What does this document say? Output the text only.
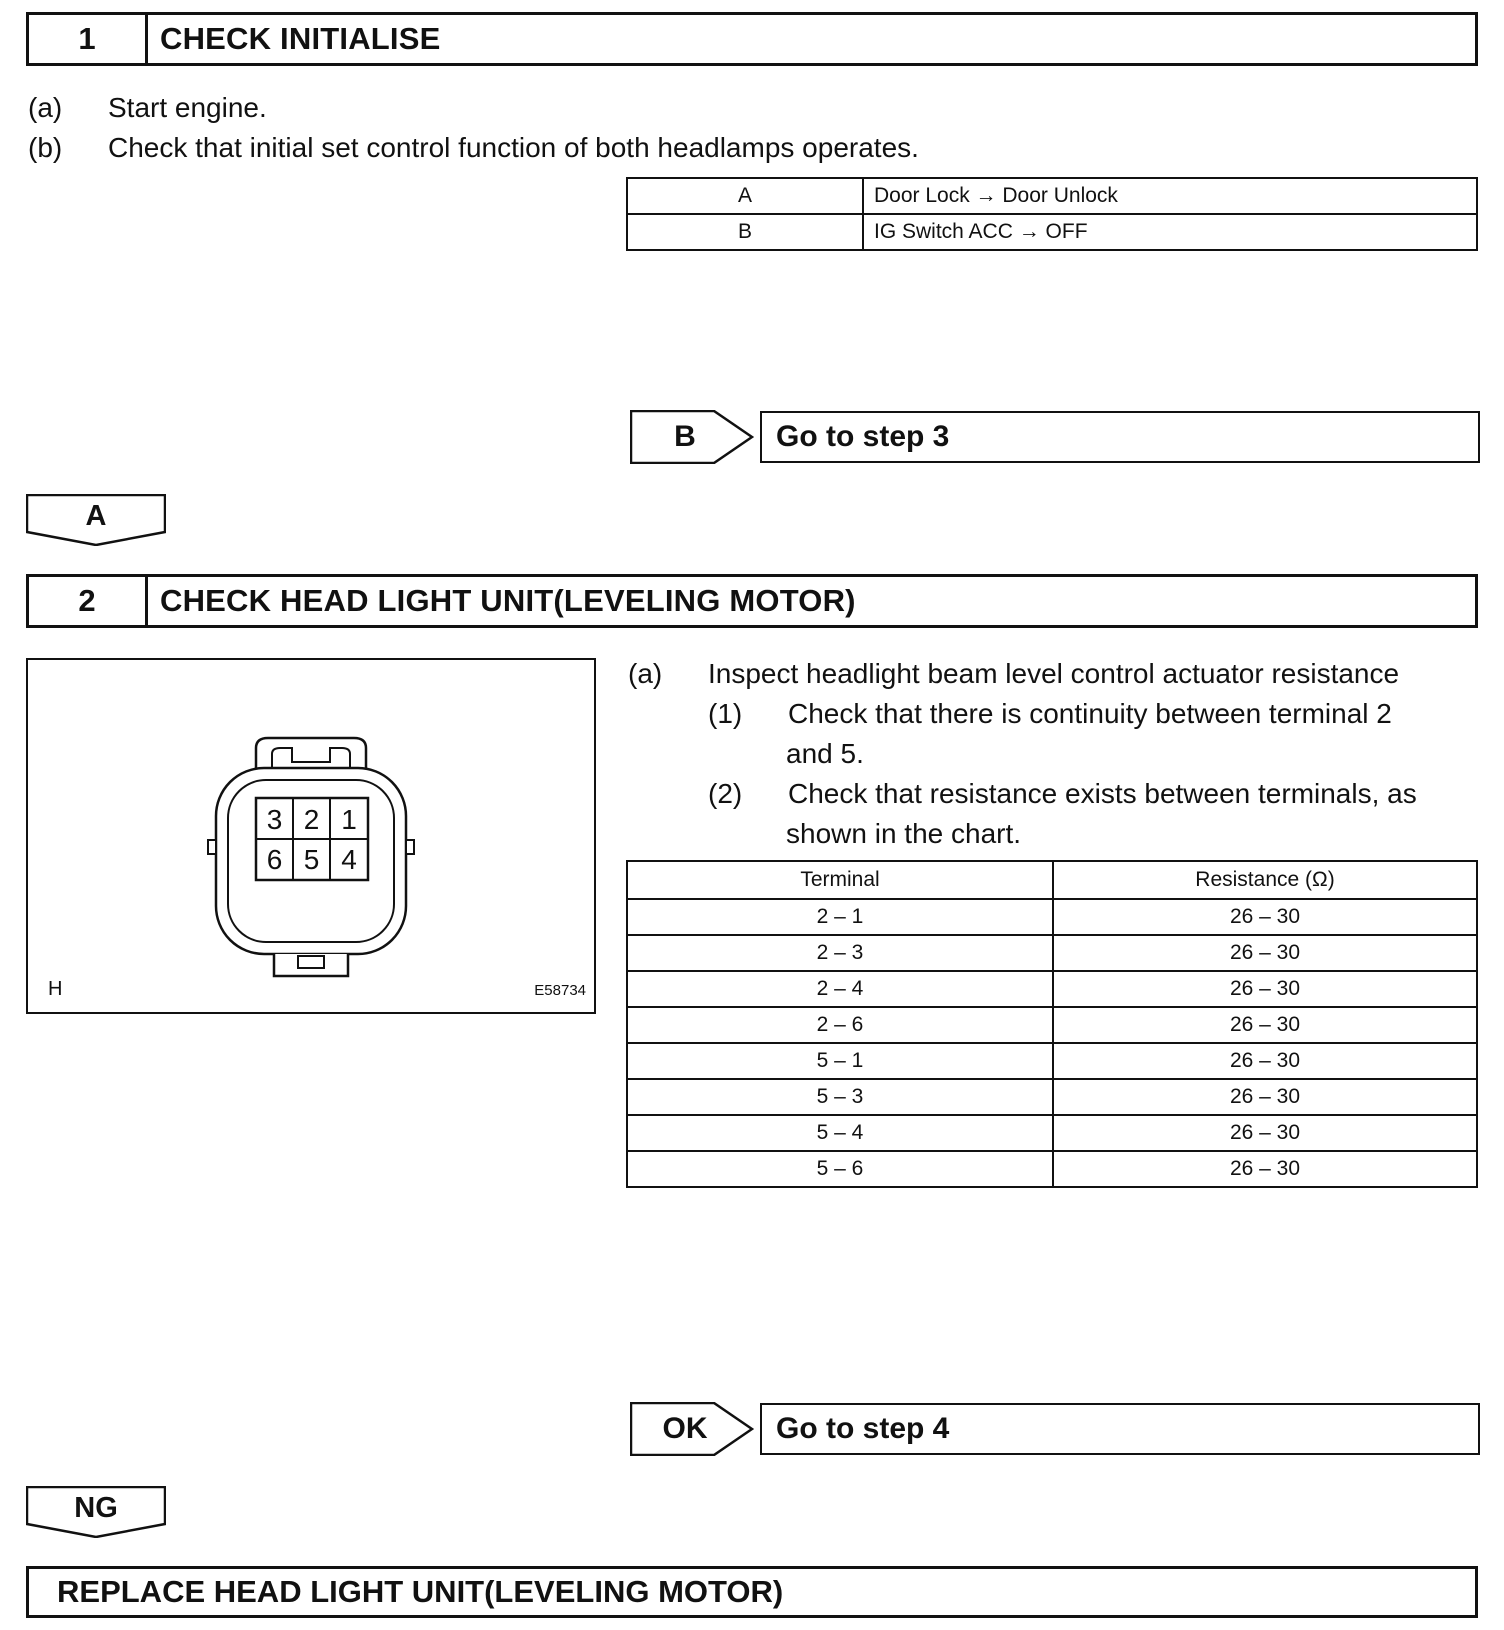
1	CHECK INITIALISE
(a) Start engine.
(b) Check that initial set control function of both headlamps operates.
A	Door Lock → Door Unlock
B	IG Switch ACC → OFF
B	Go to step 3
A
2	CHECK HEAD LIGHT UNIT(LEVELING MOTOR)
3 2 1
6 5 4
H	E58734
(a) Inspect headlight beam level control actuator resistance
(1) Check that there is continuity between terminal 2
and 5.
(2) Check that resistance exists between terminals, as
shown in the chart.
Terminal	Resistance (Ω)
2 – 1	26 – 30
2 – 3	26 – 30
2 – 4	26 – 30
2 – 6	26 – 30
5 – 1	26 – 30
5 – 3	26 – 30
5 – 4	26 – 30
5 – 6	26 – 30
OK	Go to step 4
NG
REPLACE HEAD LIGHT UNIT(LEVELING MOTOR)
